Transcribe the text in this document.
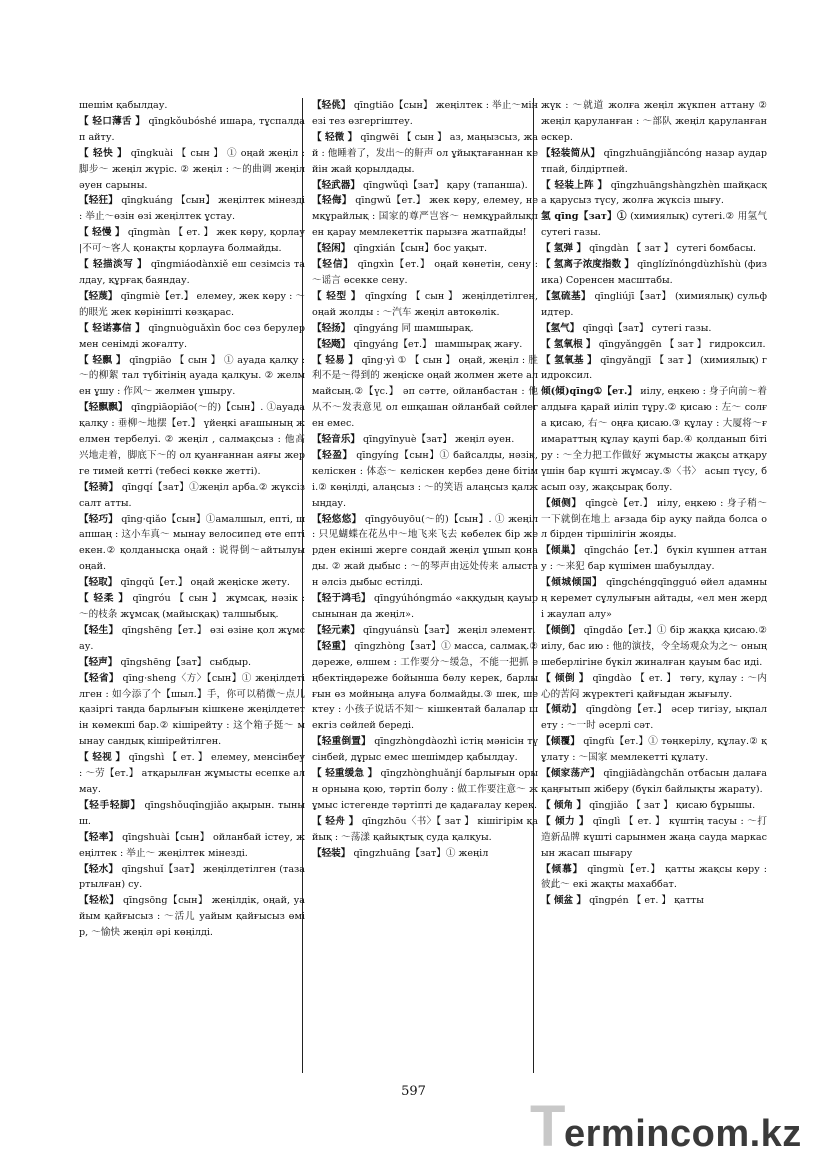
шешім қабылдау.

【 轻口薄舌 】 qīngkǒubóshé ишара, тұспалдап айту.

【 轻快 】 qīngkuài 【 сын 】 ① оңай жеңіл : 脚步～ жеңіл жүріс. ② жеңіл : ～的曲调 жеңіл әуен сарыны.

【轻狂】 qīngkuáng 【сын】 жеңілтек мінезді : 举止～өзін өзі жеңілтек ұстау.

【 轻慢 】 qīngmàn 【 ет. 】 жек көру, қорлау |不可～客人 қонақты қорлауға болмайды.

【 轻描淡写 】 qīngmiáodànxiě еш сезімсіз талдау, құрғақ баяндау.

【轻蔑】 qīngmiè【ет.】 елемеу, жек көру : ～的眼光 жек көрінішті көзқарас.

【 轻诺寡信 】 qīngnuòguǎxìn бос сөз берулермен сенімді жоғалту.

【 轻飘 】 qīngpiāo 【 сын 】 ① ауада қалқу : ～的柳絮 тал түбітінің ауада қалқуы. ② желмен ұшу : 作风～ желмен ұшыру.

【轻飘飘】 qīngpiāopiāo(～的)【сын】. ①ауада қалқу : 垂柳～地摆【ет.】 үйеңкі ағашының желмен тербелуі. ② жеңіл , салмақсыз : 他高兴地走着，脚底下～的 ол қуанғаннан аяғы жерге тимей кетті (тебесі көкке жетті).

【轻骑】 qīngqí【зат】①жеңіл арба.② жүксіз салт атты.

【轻巧】 qīng·qiǎo【сын】①амалшыл, епті, шапшаң : 这小车真～ мынау велосипед өте епті екен.② қолданысқа оңай : 说得倒～айтылуы оңай.

【轻取】 qīngqǔ【ет.】 оңай жеңіске жету.

【 轻柔 】 qīngróu 【 сын 】 жұмсақ, нәзік : ～的枝条 жұмсақ (майысқақ) талшыбық.

【轻生】 qīngshēng【ет.】 өзі өзіне қол жұмсау.

【轻声】 qīngshēng【зат】 сыбдыр.

【轻省】 qīng·sheng〈方〉【сын】① жеңілдетілген : 如今添了个【шыл.】手，你可以稍微～点儿 қазіргі таңда барлығын кішкене жеңілдететін көмекші бар.② кішірейту : 这个箱子挺～ мынау сандық кішірейтілген.

【 轻视 】 qīngshì 【 ет. 】 елемеу, менсінбеу : ～劳【ет.】 атқарылған жұмысты есепке алмау.

【轻手轻脚】 qīngshǒuqīngjiǎo ақырын. тыныш.

【轻率】 qīngshuài【сын】 ойланбай істеу, жеңілтек : 举止～ жеңілтек мінезді.

【轻水】 qīngshuǐ【зат】 жеңілдетілген (тазартылған) су.

【轻松】 qīngsōng【сын】 жеңілдік, оңай, уайым қайғысыз : ～活儿 уайым қайғысыз өмір, ～愉快 жеңіл әрі көңілді.

【轻佻】 qīngtiāo【сын】 жеңілтек : 举止～мінезі тез өзгергіштеу.

【 轻微 】 qīngwēi 【 сын 】 аз, маңызсыз, жай : 他睡着了，发出～的鼾声 ол ұйықтағаннан кейін жай қорылдады.

【轻武器】 qīngwǔqì【зат】 қару (тапанша).

【轻侮】 qīngwǔ【ет.】 жек көру, елемеу, немқұрайлық : 国家的尊严岂容～ немқұрайлықпен қарау мемлекеттік парызға жатпайды!

【轻闲】 qīngxián【сын】бос уақыт.

【轻信】 qīngxìn【ет.】 оңай көнетін, сену : ～谣言 өсекке сену.

【 轻型 】 qīngxíng 【 сын 】 жеңілдетілген, оңай жолды : ～汽车 жеңіл автокөлік.

【轻扬】 qīngyáng 同 шамшырақ.

【轻飏】 qīngyáng【ет.】 шамшырақ жағу.

【 轻易 】 qīng·yì ① 【 сын 】 оңай, жеңіл : 胜利不是～得到的 жеңіске оңай жолмен жете алмайсың.②【үс.】 әп сәтте, ойланбастан : 他从不～发表意见 ол ешқашан ойланбай сөйлеген емес.

【轻音乐】 qīngyīnyuè【зат】 жеңіл әуен.

【轻盈】 qīngyíng【сын】① байсалды, нәзік, келіскен : 体态～ келіскен кербез дене бітімі.② көңілді, алаңсыз : ～的笑语 алаңсыз қалжыңдау.

【轻悠悠】 qīngyōuyōu(～的)【сын】. ① жеңіл : 只见蝴蝶在花丛中～地飞来飞去 көбелек бір жерден екінші жерге сондай жеңіл ұшып қонады. ② жай дыбыс : ～的琴声由远处传来 алыстан әлсіз дыбыс естілді.

【轻于鸿毛】 qīngyúhóngmáo «аққудың қауырсынынан да жеңіл».

【轻元素】 qīngyuánsù【зат】 жеңіл элемент.

【轻重】 qīngzhòng【зат】① масса, салмақ.② дәреже, өлшем : 工作要分～缓急，不能一把抓 еңбектіңдәреже бойынша бөлу керек, барлығын өз мойныңа алуға болмайды.③ шек, шектеу : 小孩子说话不知～ кішкентай балалар шекгіз сөйлей береді.

【轻重倒置】 qīngzhòngdàozhì істің мәнісін түсінбей, дұрыс емес шешімдер қабылдау.

【 轻重缓急 】 qīngzhònghuǎnjí барлығын орын орнына қою, тәртіп болу : 做工作要注意～ жұмыс істегенде тәртіпті де қадағалау керек.

【 轻舟 】 qīngzhōu〈书〉【 зат 】 кішігірім қайық : ～荡漾 қайықтық суда қалқуы.

【轻装】 qīngzhuāng【зат】① жеңіл

жүк : ～就道 жолға жеңіл жүкпен аттану ② жеңіл қаруланған : ～部队 жеңіл қаруланған әскер.

【轻装简从】 qīngzhuāngjiǎncóng назар аудартпай, білдіртпей.

【 轻装上阵 】 qīngzhuāngshàngzhèn шайқасқа қарусыз түсу, жолға жүксіз шығу.

氢 qīng【зат】① (химиялық) сутегі.② 用氢气 сутегі газы.

【 氢弹 】 qīngdàn 【 зат 】 сутегі бомбасы.

【 氢离子浓度指数 】 qīnglízǐnóngdùzhǐshù (физика) Соренсен масштабы.

【氢硫基】 qīngliújī【зат】 (химиялық) сульфидтер.

【氢气】 qīngqì【зат】 сутегі газы.

【 氢氧根 】 qīngyǎnggēn 【 зат 】 гидроксил.

【 氢氧基 】 qīngyǎngjī 【 зат 】 (химиялық) гидроксил.

倾(傾)qīng①【ет.】 иілу, еңкею : 身子向前～着 алдыға қарай иіліп тұру.② қисаю : 左～ солға қисаю, 右～ оңға қисаю.③ құлау : 大厦将～ғимараттың құлау қаупі бар.④ қолданып бітіру : ～全力把工作做好 жұмысты жақсы атқару үшін бар күшті жұмсау.⑤〈书〉 асып түсу, басып озу, жақсырақ болу.

【倾侧】 qīngcè【ет.】 иілу, еңкею : 身子稍～一下就倒在地上 ағзада бір ауқу пайда болса ол бірден тіршілігін жояды.

【倾巢】 qīngcháo【ет.】 бүкіл күшпен аттану : ～来犯 бар күшімен шабуылдау.

【倾城倾国】 qīngchéngqīngguó өйел адамның керемет сұлулығын айтады, «ел мен жерді жаулап алу»

【倾倒】 qīngdǎo【ет.】① бір жаққа қисаю.② иілу, бас ию : 他的演技，令全场观众为之～ оның шеберлігіне бүкіл жиналған қауым бас иді.

【 倾倒 】 qīngdào 【 ет. 】 төгу, құлау : ～内心的苦闷 жүректегі қайғыдан жығылу.

【倾动】 qīngdòng【ет.】 әсер тигізу, ықпал ету : ～一时 әсерлі сәт.

【倾覆】 qīngfù【ет.】① төңкерілу, құлау.② құлату : ～国家 мемлекетті құлату.

【倾家荡产】 qīngjiādàngchǎn отбасын далаға қаңғытып жіберу (бүкіл байлықты жарату).

【 倾角 】 qīngjiǎo 【 зат 】 қисаю бұрышы.

【 倾力 】 qīnglì 【 ет. 】 күштің тасуы : ～打造新品牌 күшті сарынмен жаңа сауда маркасын жасап шығару

【倾慕】 qīngmù【ет.】 қатты жақсы көру : 彼此～ екі жақты махаббат.

【 倾盆 】 qīngpén 【 ет. 】 қатты

597
T
ermincom.kz
